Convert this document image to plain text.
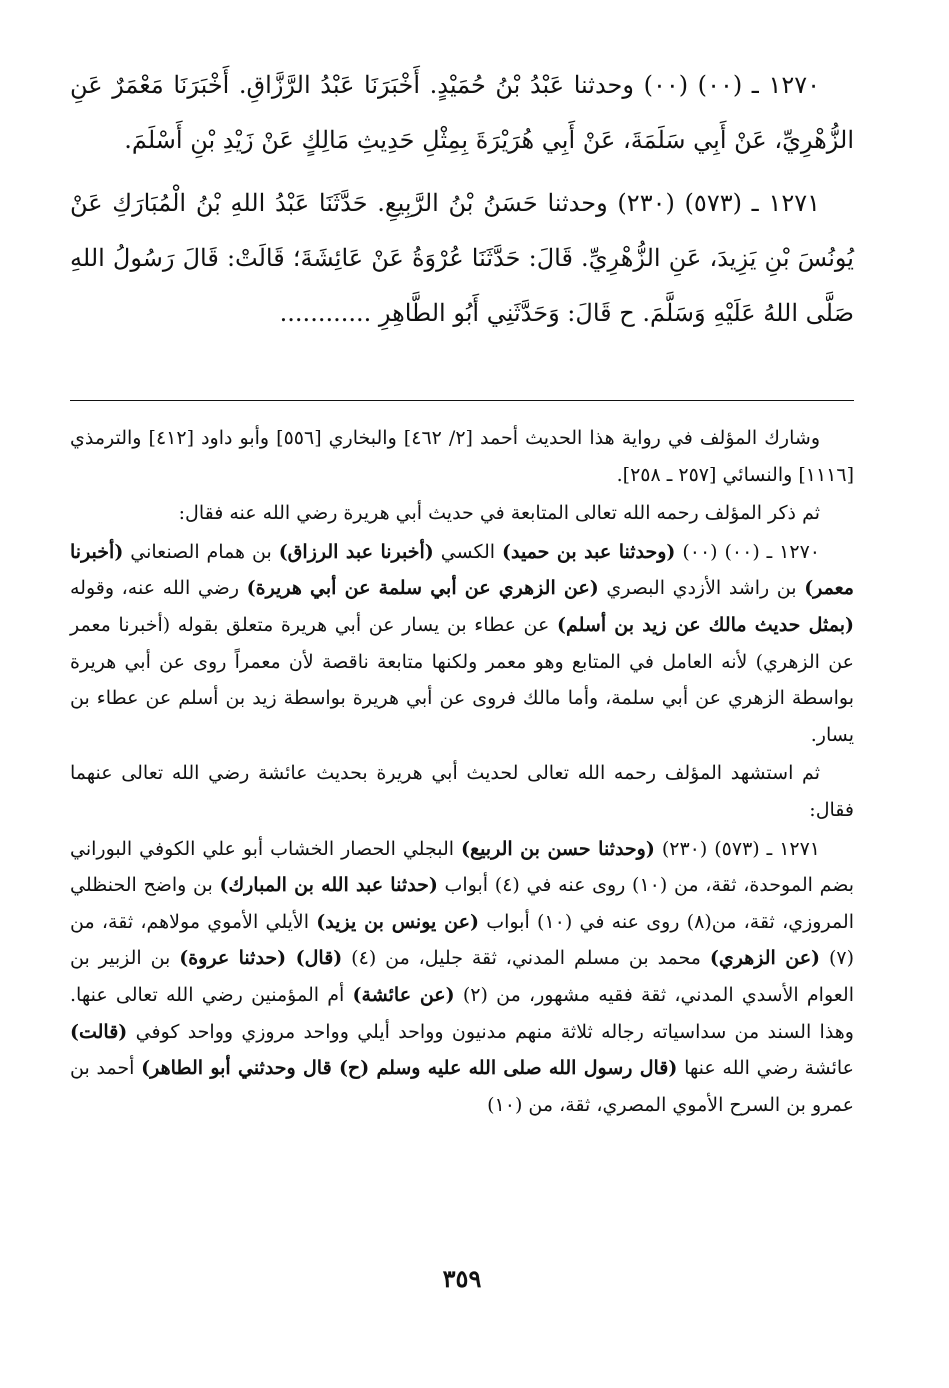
١٢٧٠ ـ (٠٠) (٠٠) وحدثنا عَبْدُ بْنُ حُمَيْدٍ. أَخْبَرَنَا عَبْدُ الرَّزَّاقِ. أَخْبَرَنَا مَعْمَرٌ عَنِ الزُّهْرِيِّ، عَنْ أَبِي سَلَمَةَ، عَنْ أَبِي هُرَيْرَةَ بِمِثْلِ حَدِيثِ مَالِكٍ عَنْ زَيْدِ بْنِ أَسْلَمَ.

١٢٧١ ـ (٥٧٣) (٢٣٠) وحدثنا حَسَنُ بْنُ الرَّبِيعِ. حَدَّثَنَا عَبْدُ اللهِ بْنُ الْمُبَارَكِ عَنْ يُونُسَ بْنِ يَزِيدَ، عَنِ الزُّهْرِيِّ. قَالَ: حَدَّثَنَا عُرْوَةُ عَنْ عَائِشَةَ؛ قَالَتْ: قَالَ رَسُولُ اللهِ صَلَّى اللهُ عَلَيْهِ وَسَلَّمَ. ح قَالَ: وَحَدَّثَنِي أَبُو الطَّاهِرِ ............

وشارك المؤلف في رواية هذا الحديث أحمد [٢/ ٤٦٢] والبخاري [٥٥٦] وأبو داود [٤١٢] والترمذي [١١١٦] والنسائي [٢٥٧ ـ ٢٥٨].

ثم ذكر المؤلف رحمه الله تعالى المتابعة في حديث أبي هريرة رضي الله عنه فقال:

١٢٧٠ ـ (٠٠) (٠٠) (وحدثنا عبد بن حميد) الكسي (أخبرنا عبد الرزاق) بن همام الصنعاني (أخبرنا معمر) بن راشد الأزدي البصري (عن الزهري عن أبي سلمة عن أبي هريرة) رضي الله عنه، وقوله (بمثل حديث مالك عن زيد بن أسلم) عن عطاء بن يسار عن أبي هريرة متعلق بقوله (أخبرنا معمر عن الزهري) لأنه العامل في المتابع وهو معمر ولكنها متابعة ناقصة لأن معمراً روى عن أبي هريرة بواسطة الزهري عن أبي سلمة، وأما مالك فروى عن أبي هريرة بواسطة زيد بن أسلم عن عطاء بن يسار.

ثم استشهد المؤلف رحمه الله تعالى لحديث أبي هريرة بحديث عائشة رضي الله تعالى عنهما فقال:

١٢٧١ ـ (٥٧٣) (٢٣٠) (وحدثنا حسن بن الربيع) البجلي الحصار الخشاب أبو علي الكوفي البوراني بضم الموحدة، ثقة، من (١٠) روى عنه في (٤) أبواب (حدثنا عبد الله بن المبارك) بن واضح الحنظلي المروزي، ثقة، من(٨) روى عنه في (١٠) أبواب (عن يونس بن يزيد) الأيلي الأموي مولاهم، ثقة، من (٧) (عن الزهري) محمد بن مسلم المدني، ثقة جليل، من (٤) (قال) (حدثنا عروة) بن الزبير بن العوام الأسدي المدني، ثقة فقيه مشهور، من (٢) (عن عائشة) أم المؤمنين رضي الله تعالى عنها. وهذا السند من سداسياته رجاله ثلاثة منهم مدنيون وواحد أيلي وواحد مروزي وواحد كوفي (قالت) عائشة رضي الله عنها (قال رسول الله صلى الله عليه وسلم (ح) قال وحدثني أبو الطاهر) أحمد بن عمرو بن السرح الأموي المصري، ثقة، من (١٠)

٣٥٩
